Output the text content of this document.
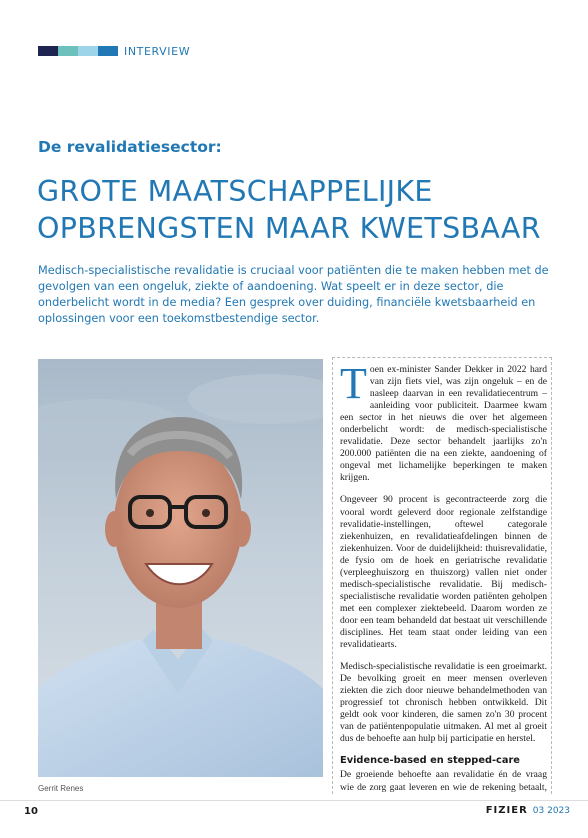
INTERVIEW
De revalidatiesector:
GROTE MAATSCHAPPELIJKE
OPBRENGSTEN MAAR KWETSBAAR

Medisch-specialistische revalidatie is cruciaal voor patiënten die te maken hebben met de gevolgen van een ongeluk, ziekte of aandoening. Wat speelt er in deze sector, die onderbelicht wordt in de media? Een gesprek over duiding, financiële kwetsbaarheid en oplossingen voor een toekomstbestendige sector.

Gerrit Renes

Toen ex-minister Sander Dekker in 2022 hard van zijn fiets viel, was zijn ongeluk – en de nasleep daarvan in een revalidatiecentrum – aanleiding voor publiciteit. Daarmee kwam een sector in het nieuws die over het algemeen onderbelicht wordt: de medisch-specialistische revalidatie. Deze sector behandelt jaarlijks zo'n 200.000 patiënten die na een ziekte, aandoening of ongeval met lichamelijke beperkingen te maken krijgen.

Ongeveer 90 procent is gecontracteerde zorg die vooral wordt geleverd door regionale zelfstandige revalidatie-instellingen, oftewel categorale ziekenhuizen, en revalidatieafdelingen binnen de ziekenhuizen. Voor de duidelijkheid: thuisrevalidatie, de fysio om de hoek en geriatrische revalidatie (verpleeghuiszorg en thuiszorg) vallen niet onder medisch-specialistische revalidatie. Bij medisch-specialistische revalidatie worden patiënten geholpen met een complexer ziektebeeld. Daarom worden ze door een team behandeld dat bestaat uit verschillende disciplines. Het team staat onder leiding van een revalidatiearts.

Medisch-specialistische revalidatie is een groeimarkt. De bevolking groeit en meer mensen overleven ziekten die zich door nieuwe behandelmethoden van progressief tot chronisch hebben ontwikkeld. Dit geldt ook voor kinderen, die samen zo'n 30 procent van de patiëntenpopulatie uitmaken. Al met al groeit dus de behoefte aan hulp bij participatie en herstel.

Evidence-based en stepped-care

De groeiende behoefte aan revalidatie én de vraag wie de zorg gaat leveren en wie de rekening betaalt,

10	FIZIER 03 2023
